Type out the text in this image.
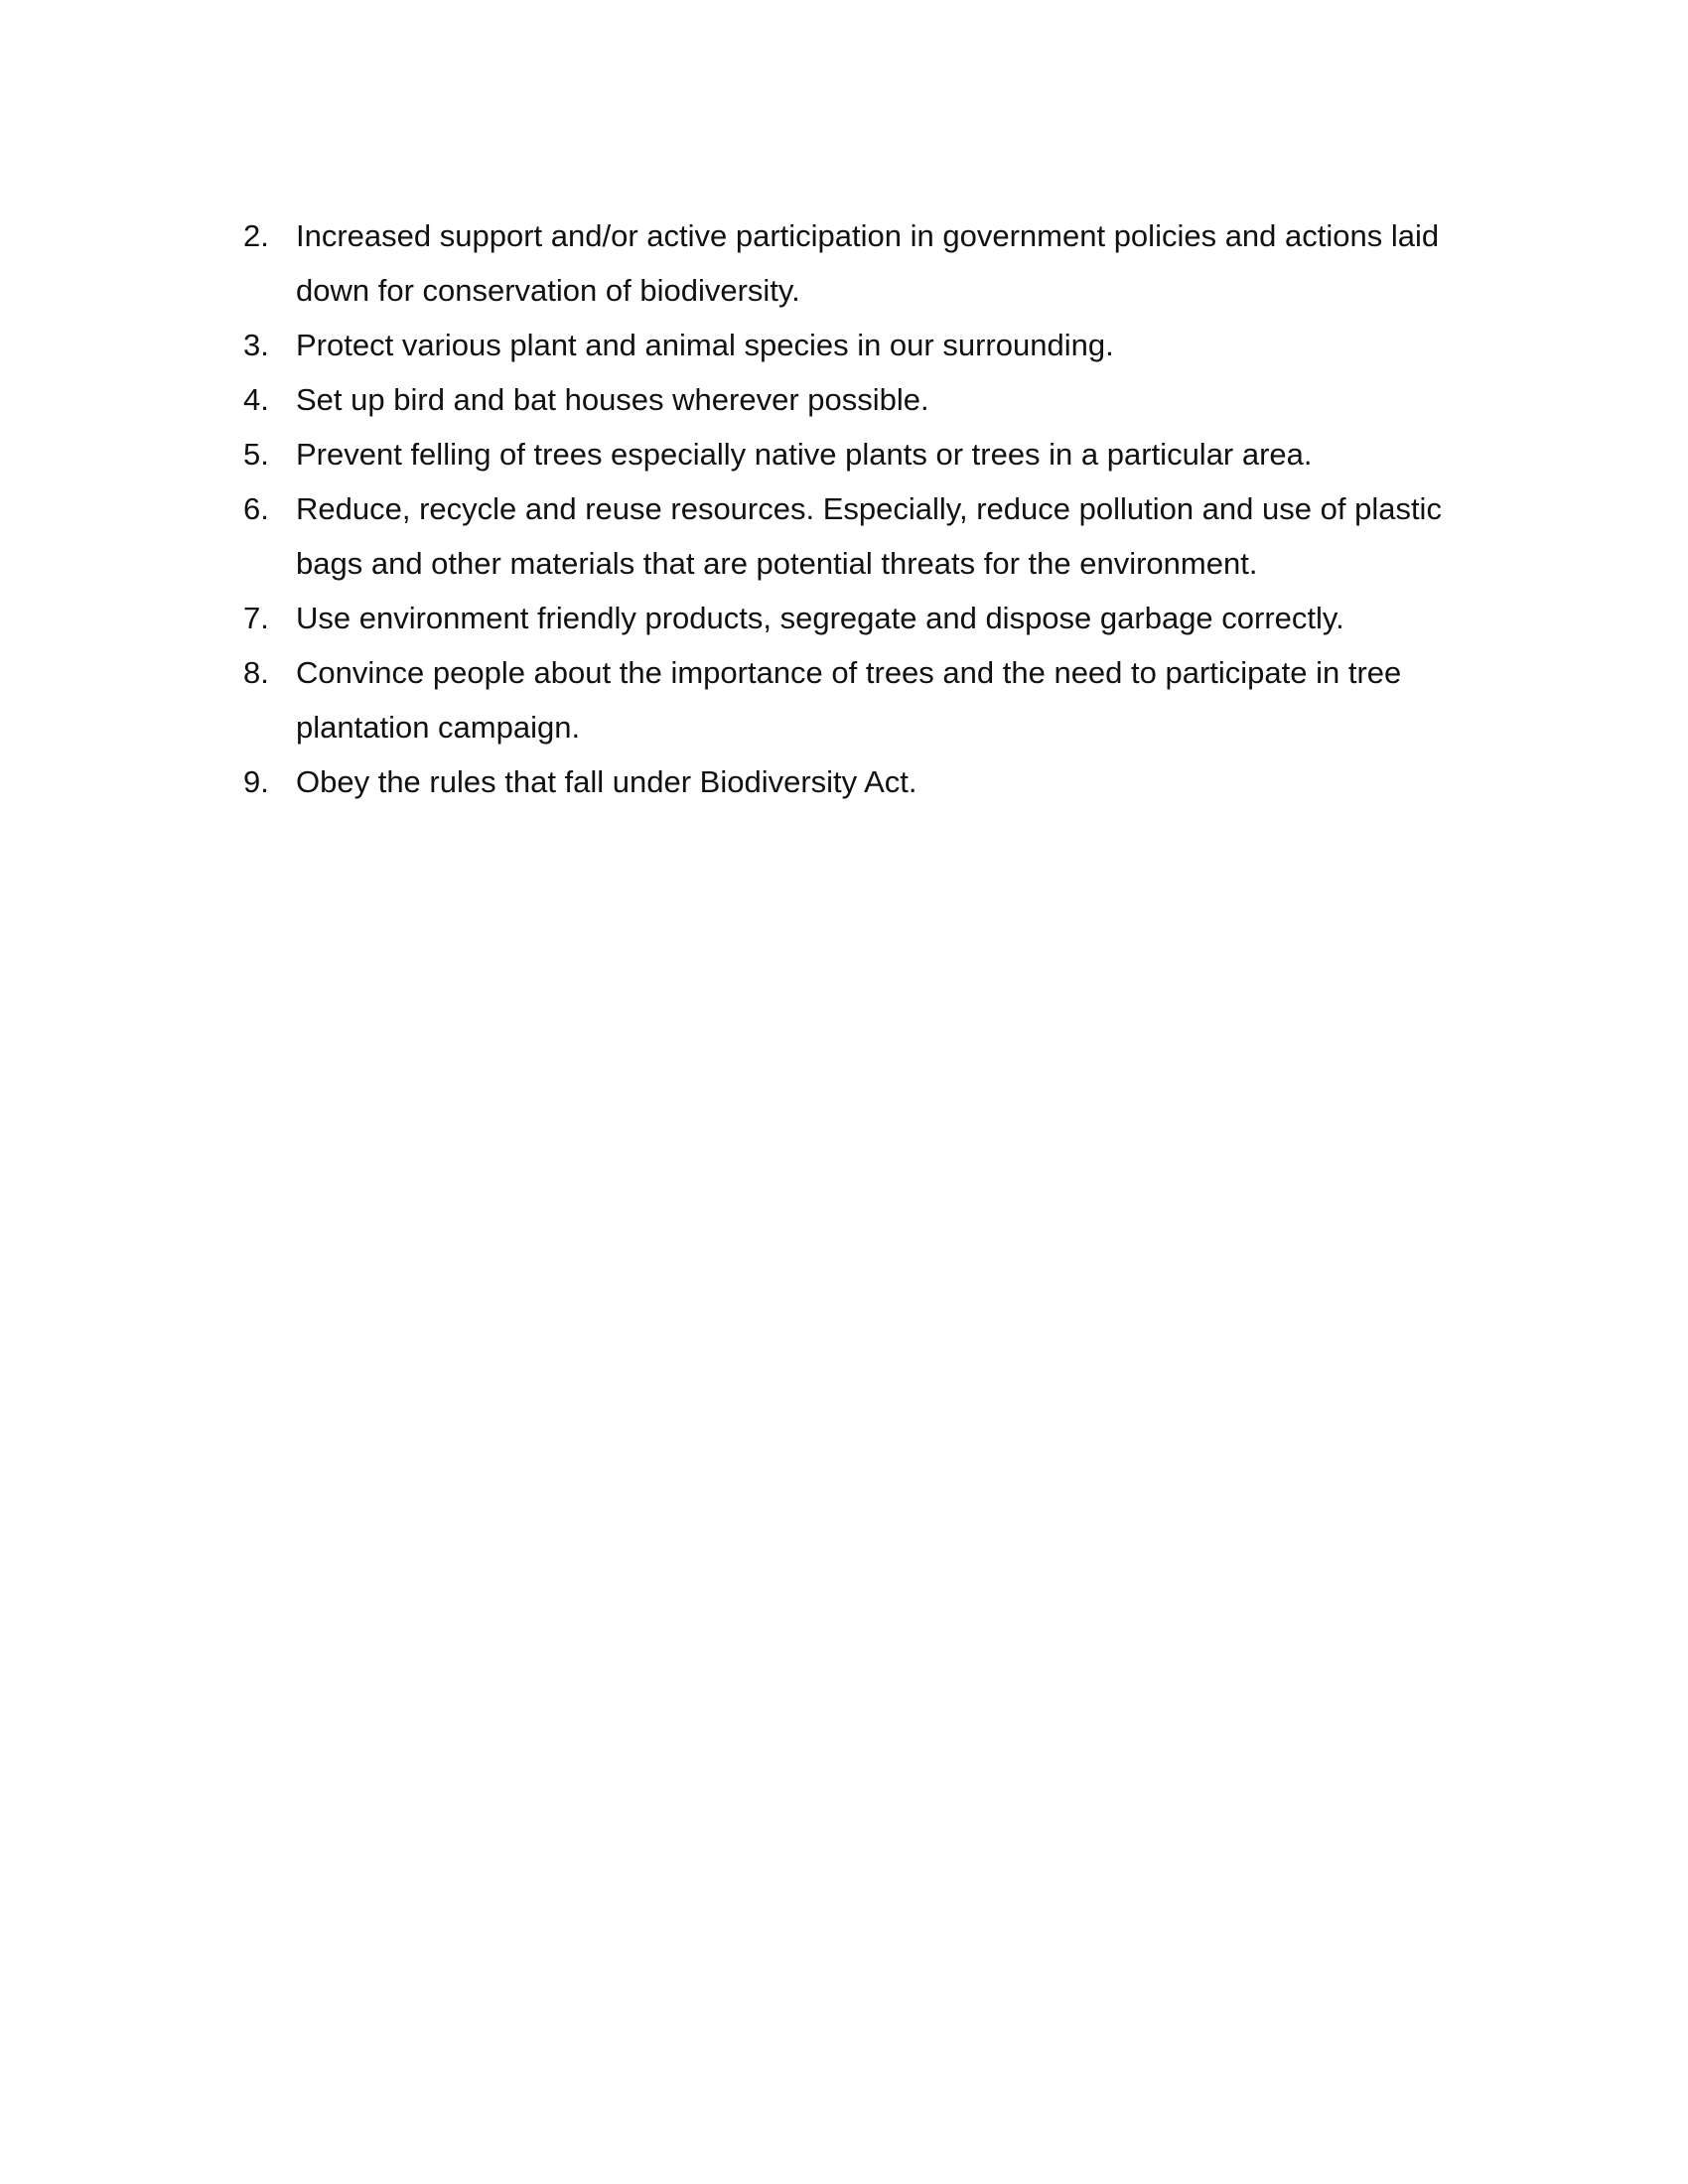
2. Increased support and/or active participation in government policies and actions laid down for conservation of biodiversity.
3. Protect various plant and animal species in our surrounding.
4. Set up bird and bat houses wherever possible.
5. Prevent felling of trees especially native plants or trees in a particular area.
6. Reduce, recycle and reuse resources. Especially, reduce pollution and use of plastic bags and other materials that are potential threats for the environment.
7. Use environment friendly products, segregate and dispose garbage correctly.
8. Convince people about the importance of trees and the need to participate in tree plantation campaign.
9. Obey the rules that fall under Biodiversity Act.
